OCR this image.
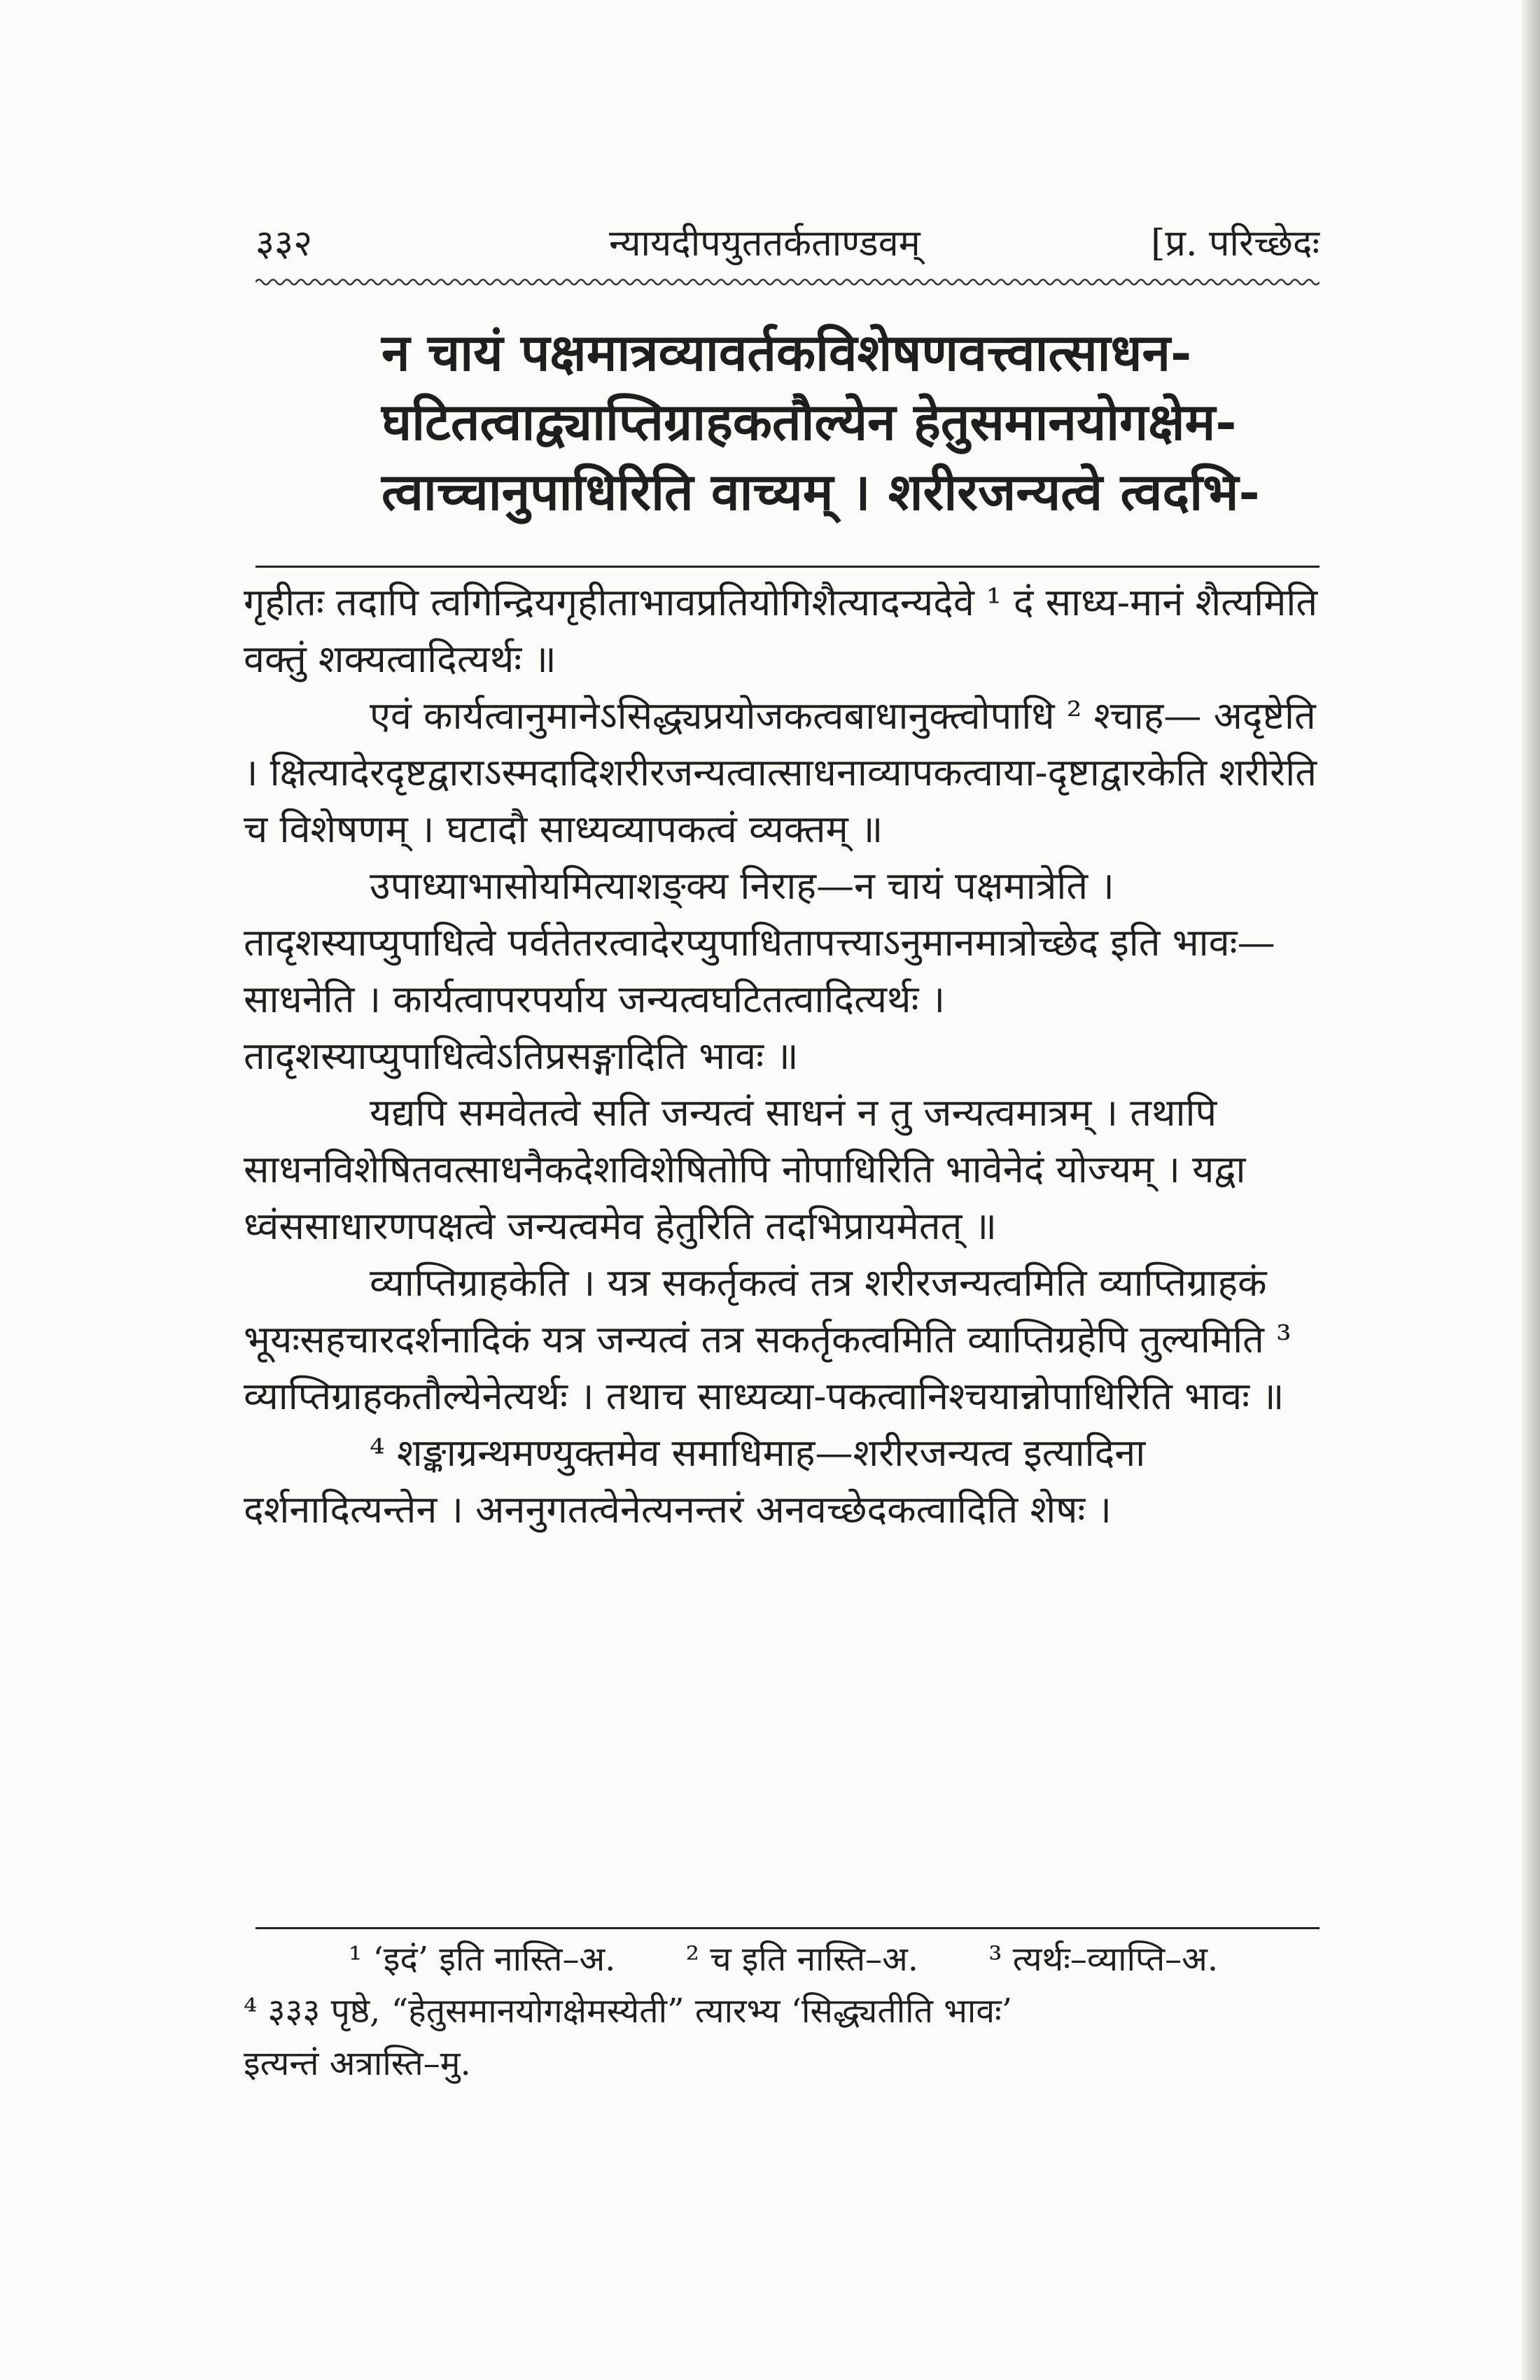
३३२	न्यायदीपयुततर्कताण्डवम्	[प्र. परिच्छेदः
न चायं पक्षमात्रव्यावर्तकविशेषणवत्त्वात्साधन-
घटितत्वाद्व्याप्तिग्राहकतौल्येन हेतुसमानयोगक्षेम-
त्वाच्चानुपाधिरिति वाच्यम् । शरीरजन्यत्वे त्वदभि-

गृहीतः तदापि त्वगिन्द्रियगृहीताभावप्रतियोगिशैत्यादन्यदेवे ¹ दं साध्य-मानं शैत्यमिति वक्तुं शक्यत्वादित्यर्थः ॥

एवं कार्यत्वानुमानेऽसिद्ध्यप्रयोजकत्वबाधानुक्त्वोपाधि ² श्चाह— अदृष्टेति । क्षित्यादेरदृष्टद्वाराऽस्मदादिशरीरजन्यत्वात्साधनाव्यापकत्वाया-दृष्टाद्वारकेति शरीरेति च विशेषणम् । घटादौ साध्यव्यापकत्वं व्यक्तम् ॥

उपाध्याभासोयमित्याशङ्क्य निराह—न चायं पक्षमात्रेति । तादृशस्याप्युपाधित्वे पर्वतेतरत्वादेरप्युपाधितापत्त्याऽनुमानमात्रोच्छेद इति भावः—साधनेति । कार्यत्वापरपर्याय जन्यत्वघटितत्वादित्यर्थः । तादृशस्याप्युपाधित्वेऽतिप्रसङ्गादिति भावः ॥

यद्यपि समवेतत्वे सति जन्यत्वं साधनं न तु जन्यत्वमात्रम् । तथापि साधनविशेषितवत्साधनैकदेशविशेषितोपि नोपाधिरिति भावेनेदं योज्यम् । यद्वा ध्वंससाधारणपक्षत्वे जन्यत्वमेव हेतुरिति तदभिप्रायमेतत् ॥

व्याप्तिग्राहकेति । यत्र सकर्तृकत्वं तत्र शरीरजन्यत्वमिति व्याप्तिग्राहकं भूयःसहचारदर्शनादिकं यत्र जन्यत्वं तत्र सकर्तृकत्वमिति व्याप्तिग्रहेपि तुल्यमिति ³ व्याप्तिग्राहकतौल्येनेत्यर्थः । तथाच साध्यव्या-पकत्वानिश्चयान्नोपाधिरिति भावः ॥

⁴ शङ्काग्रन्थमण्युक्तमेव समाधिमाह—शरीरजन्यत्व इत्यादिना दर्शनादित्यन्तेन । अननुगतत्वेनेत्यनन्तरं अनवच्छेदकत्वादिति शेषः ।

¹ ‘इदं’ इति नास्ति–अ. ² च इति नास्ति–अ. ³ त्यर्थः–व्याप्ति–अ.
⁴ ३३३ पृष्ठे, “हेतुसमानयोगक्षेमस्येती” त्यारभ्य ‘सिद्ध्यतीति भावः’
इत्यन्तं अत्रास्ति–मु.
